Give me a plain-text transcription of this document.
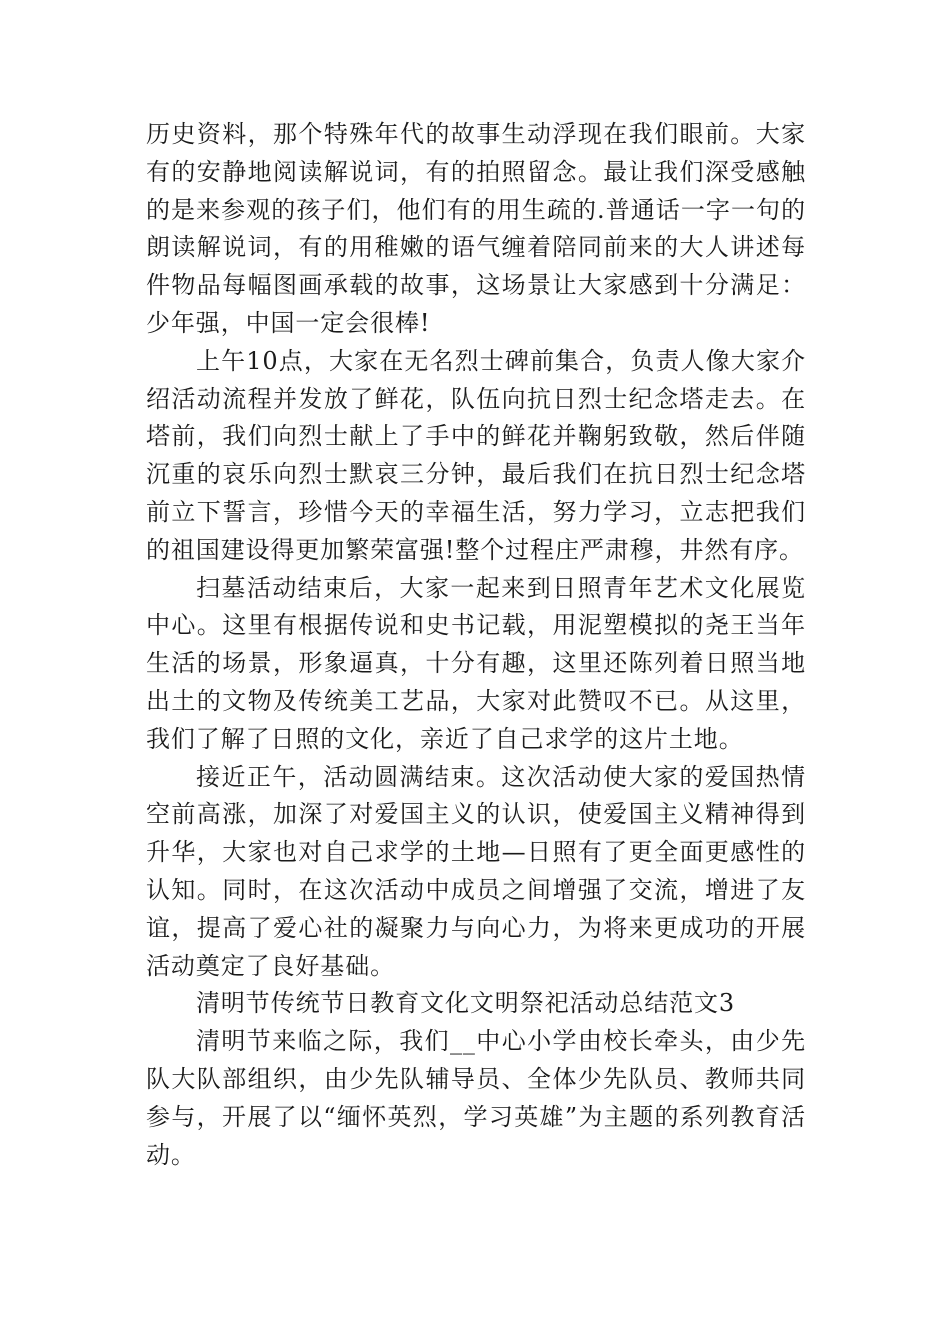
历史资料，那个特殊年代的故事生动浮现在我们眼前。大家有的安静地阅读解说词，有的拍照留念。最让我们深受感触的是来参观的孩子们，他们有的用生疏的.普通话一字一句的朗读解说词，有的用稚嫩的语气缠着陪同前来的大人讲述每件物品每幅图画承载的故事，这场景让大家感到十分满足：少年强，中国一定会很棒!

上午10点，大家在无名烈士碑前集合，负责人像大家介绍活动流程并发放了鲜花，队伍向抗日烈士纪念塔走去。在塔前，我们向烈士献上了手中的鲜花并鞠躬致敬，然后伴随沉重的哀乐向烈士默哀三分钟，最后我们在抗日烈士纪念塔前立下誓言，珍惜今天的幸福生活，努力学习，立志把我们的祖国建设得更加繁荣富强!整个过程庄严肃穆，井然有序。

扫墓活动结束后，大家一起来到日照青年艺术文化展览中心。这里有根据传说和史书记载，用泥塑模拟的尧王当年生活的场景，形象逼真，十分有趣，这里还陈列着日照当地出土的文物及传统美工艺品，大家对此赞叹不已。从这里，我们了解了日照的文化，亲近了自己求学的这片土地。

接近正午，活动圆满结束。这次活动使大家的爱国热情空前高涨，加深了对爱国主义的认识，使爱国主义精神得到升华，大家也对自己求学的土地—日照有了更全面更感性的认知。同时，在这次活动中成员之间增强了交流，增进了友谊，提高了爱心社的凝聚力与向心力，为将来更成功的开展活动奠定了良好基础。

清明节传统节日教育文化文明祭祀活动总结范文3

清明节来临之际，我们__中心小学由校长牵头，由少先队大队部组织，由少先队辅导员、全体少先队员、教师共同参与，开展了以“缅怀英烈，学习英雄”为主题的系列教育活动。
